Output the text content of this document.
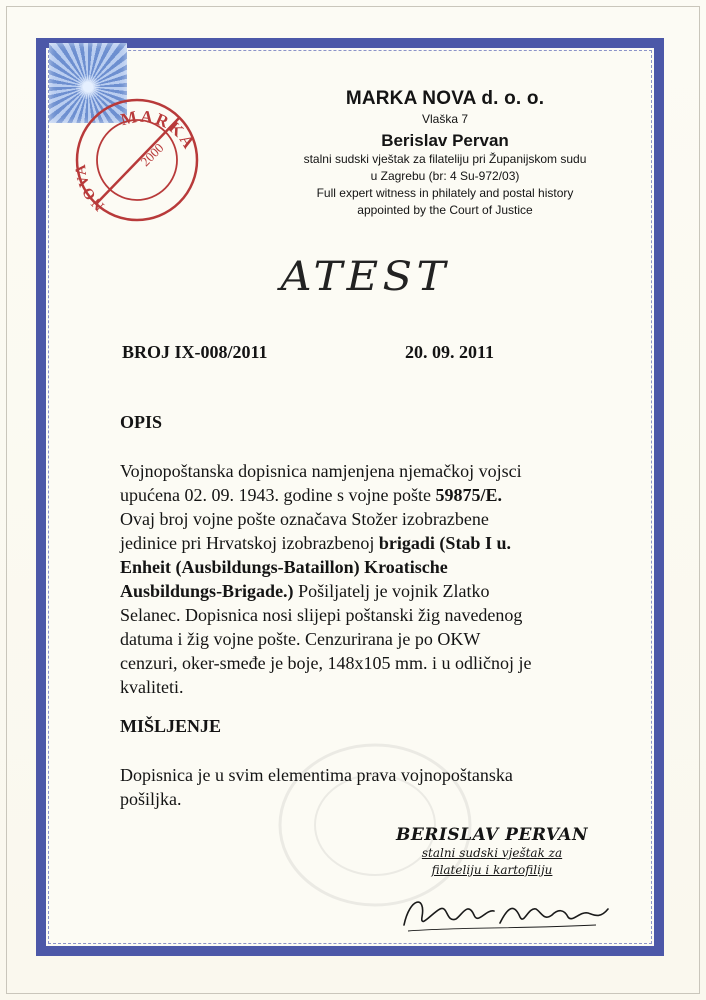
MARKA
NOVA
2000
MARKA NOVA d. o. o.
Vlaška 7
Berislav Pervan
stalni sudski vještak za filateliju pri Županijskom sudu
u Zagrebu (br: 4 Su-972/03)
Full expert witness in philately and postal history
appointed by the Court of Justice
ATEST
BROJ IX-008/2011	20. 09. 2011
OPIS
Vojnopoštanska dopisnica namjenjena njemačkoj vojsci
upućena 02. 09. 1943. godine s vojne pošte 59875/E.
Ovaj broj vojne pošte označava Stožer izobrazbene
jedinice pri Hrvatskoj izobrazbenoj brigadi (Stab I u.
Enheit (Ausbildungs-Bataillon) Kroatische
Ausbildungs-Brigade.) Pošiljatelj je vojnik Zlatko
Selanec. Dopisnica nosi slijepi poštanski žig navedenog
datuma i žig vojne pošte. Cenzurirana je po OKW
cenzuri, oker-smeđe je boje, 148x105 mm. i u odličnoj je
kvaliteti.
MIŠLJENJE
Dopisnica je u svim elementima prava vojnopoštanska
pošiljka.
BERISLAV PERVAN
stalni sudski vještak za
filateliju i kartofiliju
